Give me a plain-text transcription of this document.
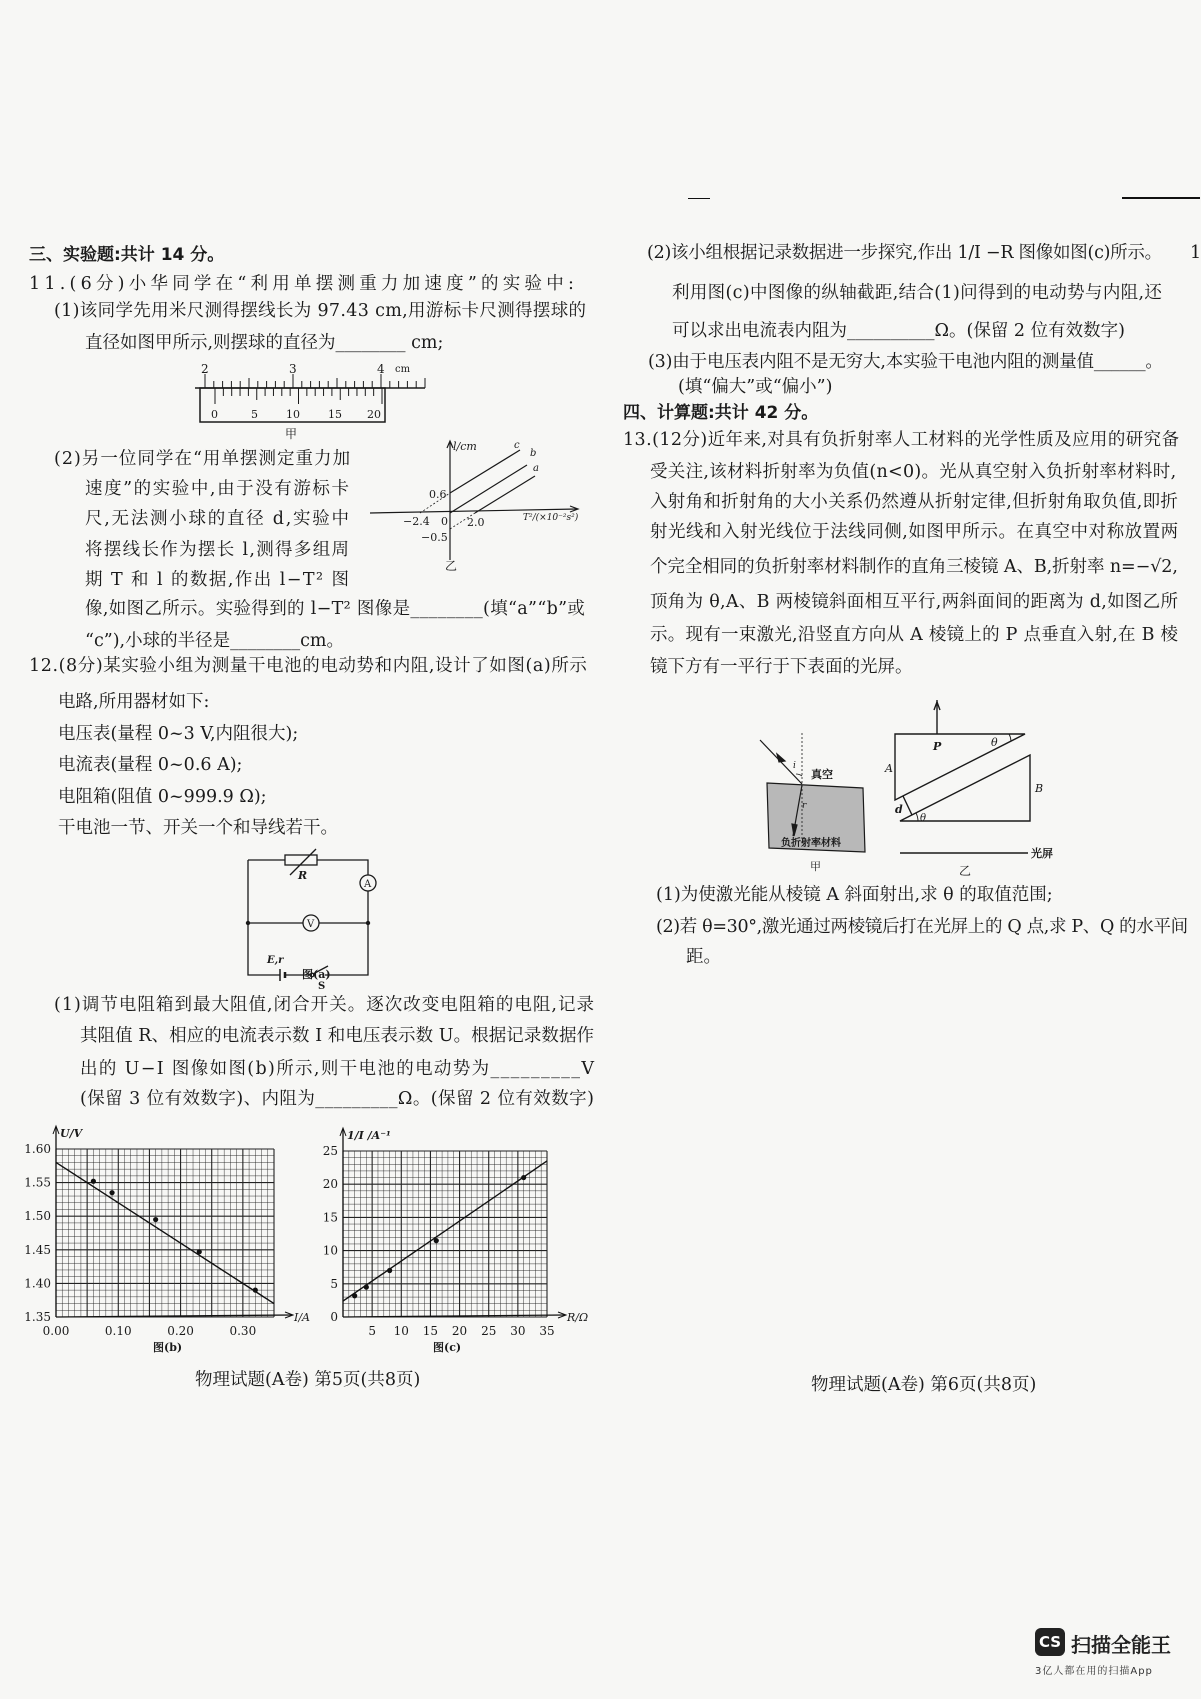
三、实验题:共计 14 分。
11.(6分)小华同学在“利用单摆测重力加速度”的实验中:
(1)该同学先用米尺测得摆线长为 97.43 cm,用游标卡尺测得摆球的
直径如图甲所示,则摆球的直径为________ cm;
(2)另一位同学在“用单摆测定重力加
速度”的实验中,由于没有游标卡
尺,无法测小球的直径 d,实验中
将摆线长作为摆长 l,测得多组周
期 T 和 l 的数据,作出 l−T² 图
像,如图乙所示。实验得到的 l−T² 图像是________(填“a”“b”或
“c”),小球的半径是________cm。
12.(8分)某实验小组为测量干电池的电动势和内阻,设计了如图(a)所示
电路,所用器材如下:
电压表(量程 0~3 V,内阻很大);
电流表(量程 0~0.6 A);
电阻箱(阻值 0~999.9 Ω);
干电池一节、开关一个和导线若干。
(1)调节电阻箱到最大阻值,闭合开关。逐次改变电阻箱的电阻,记录
其阻值 R、相应的电流表示数 I 和电压表示数 U。根据记录数据作
出的 U−I 图像如图(b)所示,则干电池的电动势为_________V
(保留 3 位有效数字)、内阻为_________Ω。(保留 2 位有效数字)
(2)该小组根据记录数据进一步探究,作出 1/I −R 图像如图(c)所示。
利用图(c)中图像的纵轴截距,结合(1)问得到的电动势与内阻,还
可以求出电流表内阻为__________Ω。(保留 2 位有效数字)
(3)由于电压表内阻不是无穷大,本实验干电池内阻的测量值______。
(填“偏大”或“偏小”)
四、计算题:共计 42 分。
13.(12分)近年来,对具有负折射率人工材料的光学性质及应用的研究备
受关注,该材料折射率为负值(n<0)。光从真空射入负折射率材料时,
入射角和折射角的大小关系仍然遵从折射定律,但折射角取负值,即折
射光线和入射光线位于法线同侧,如图甲所示。在真空中对称放置两
个完全相同的负折射率材料制作的直角三棱镜 A、B,折射率 n=−√2,
顶角为 θ,A、B 两棱镜斜面相互平行,两斜面间的距离为 d,如图乙所
示。现有一束激光,沿竖直方向从 A 棱镜上的 P 点垂直入射,在 B 棱
镜下方有一平行于下表面的光屏。
(1)为使激光能从棱镜 A 斜面射出,求 θ 的取值范围;
(2)若 θ=30°,激光通过两棱镜后打在光屏上的 Q 点,求 P、Q 的水平间
距。
物理试题(A卷) 第5页(共8页)	物理试题(A卷) 第6页(共8页)
1
2	3	4 cm
0	5	10	15 20
甲
l/cm	c
b
a
0.6
−2.4 0
−0.5
2.0	T²/(×10⁻²s²)
乙
R
A
V
E,r
S
图(a)
0.00	0.10	0.20	0.30
1.35
1.40
1.45
1.50
1.55
1.60
U/V
I/A
图(b)
5 10 15 20 25 30 35
0
5
10
15
20
25
1/I /A⁻¹
R/Ω
图(c)
i
真空
r
负折射率材料
甲
P	θ
A
B
d
θ
光屏
乙
CS 扫描全能王
3亿人都在用的扫描App
